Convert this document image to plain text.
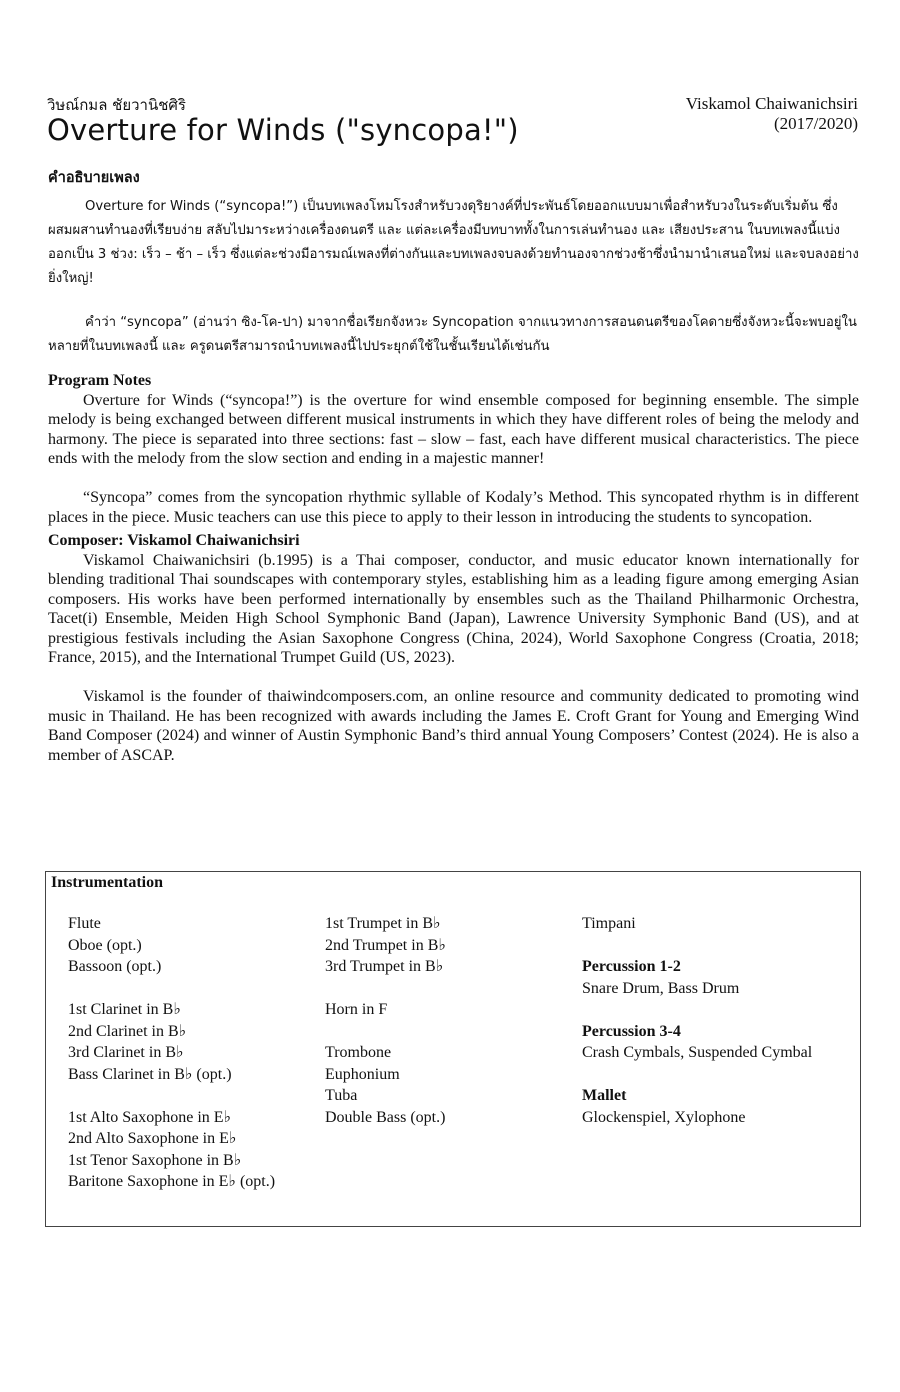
วิษณ์กมล ชัยวานิชศิริ
Overture for Winds ("syncopa!")
Viskamol Chaiwanichsiri
(2017/2020)
คำอธิบายเพลง

Overture for Winds (“syncopa!”) เป็นบทเพลงโหมโรงสำหรับวงดุริยางค์ที่ประพันธ์โดยออกแบบมาเพื่อสำหรับวงในระดับเริ่มต้น ซึ่งผสมผสานทำนองที่เรียบง่าย สลับไปมาระหว่างเครื่องดนตรี และ แต่ละเครื่องมีบทบาททั้งในการเล่นทำนอง และ เสียงประสาน ในบทเพลงนี้แบ่งออกเป็น 3 ช่วง: เร็ว – ช้า – เร็ว ซึ่งแต่ละช่วงมีอารมณ์เพลงที่ต่างกันและบทเพลงจบลงด้วยทำนองจากช่วงช้าซึ่งนำมานำเสนอใหม่ และจบลงอย่างยิ่งใหญ่!

คำว่า “syncopa” (อ่านว่า ซิง-โค-ปา) มาจากชื่อเรียกจังหวะ Syncopation จากแนวทางการสอนดนตรีของโคดายซึ่งจังหวะนี้จะพบอยู่ในหลายที่ในบทเพลงนี้ และ ครูดนตรีสามารถนำบทเพลงนี้ไปประยุกต์ใช้ในชั้นเรียนได้เช่นกัน

Program Notes

Overture for Winds (“syncopa!”) is the overture for wind ensemble composed for beginning ensemble. The simple melody is being exchanged between different musical instruments in which they have different roles of being the melody and harmony. The piece is separated into three sections: fast – slow – fast, each have different musical characteristics. The piece ends with the melody from the slow section and ending in a majestic manner!

“Syncopa” comes from the syncopation rhythmic syllable of Kodaly’s Method. This syncopated rhythm is in different places in the piece. Music teachers can use this piece to apply to their lesson in introducing the students to syncopation.

Composer: Viskamol Chaiwanichsiri

Viskamol Chaiwanichsiri (b.1995) is a Thai composer, conductor, and music educator known internationally for blending traditional Thai soundscapes with contemporary styles, establishing him as a leading figure among emerging Asian composers. His works have been performed internationally by ensembles such as the Thailand Philharmonic Orchestra, Tacet(i) Ensemble, Meiden High School Symphonic Band (Japan), Lawrence University Symphonic Band (US), and at prestigious festivals including the Asian Saxophone Congress (China, 2024), World Saxophone Congress (Croatia, 2018; France, 2015), and the International Trumpet Guild (US, 2023).

Viskamol is the founder of thaiwindcomposers.com, an online resource and community dedicated to promoting wind music in Thailand. He has been recognized with awards including the James E. Croft Grant for Young and Emerging Wind Band Composer (2024) and winner of Austin Symphonic Band’s third annual Young Composers’ Contest (2024). He is also a member of ASCAP.

Instrumentation
Flute
Oboe (opt.)
Bassoon (opt.)
1st Clarinet in B♭
2nd Clarinet in B♭
3rd Clarinet in B♭
Bass Clarinet in B♭ (opt.)
1st Alto Saxophone in E♭
2nd Alto Saxophone in E♭
1st Tenor Saxophone in B♭
Baritone Saxophone in E♭ (opt.)
1st Trumpet in B♭
2nd Trumpet in B♭
3rd Trumpet in B♭
Horn in F
Trombone
Euphonium
Tuba
Double Bass (opt.)
Timpani
Percussion 1-2
Snare Drum, Bass Drum
Percussion 3-4
Crash Cymbals, Suspended Cymbal
Mallet
Glockenspiel, Xylophone
